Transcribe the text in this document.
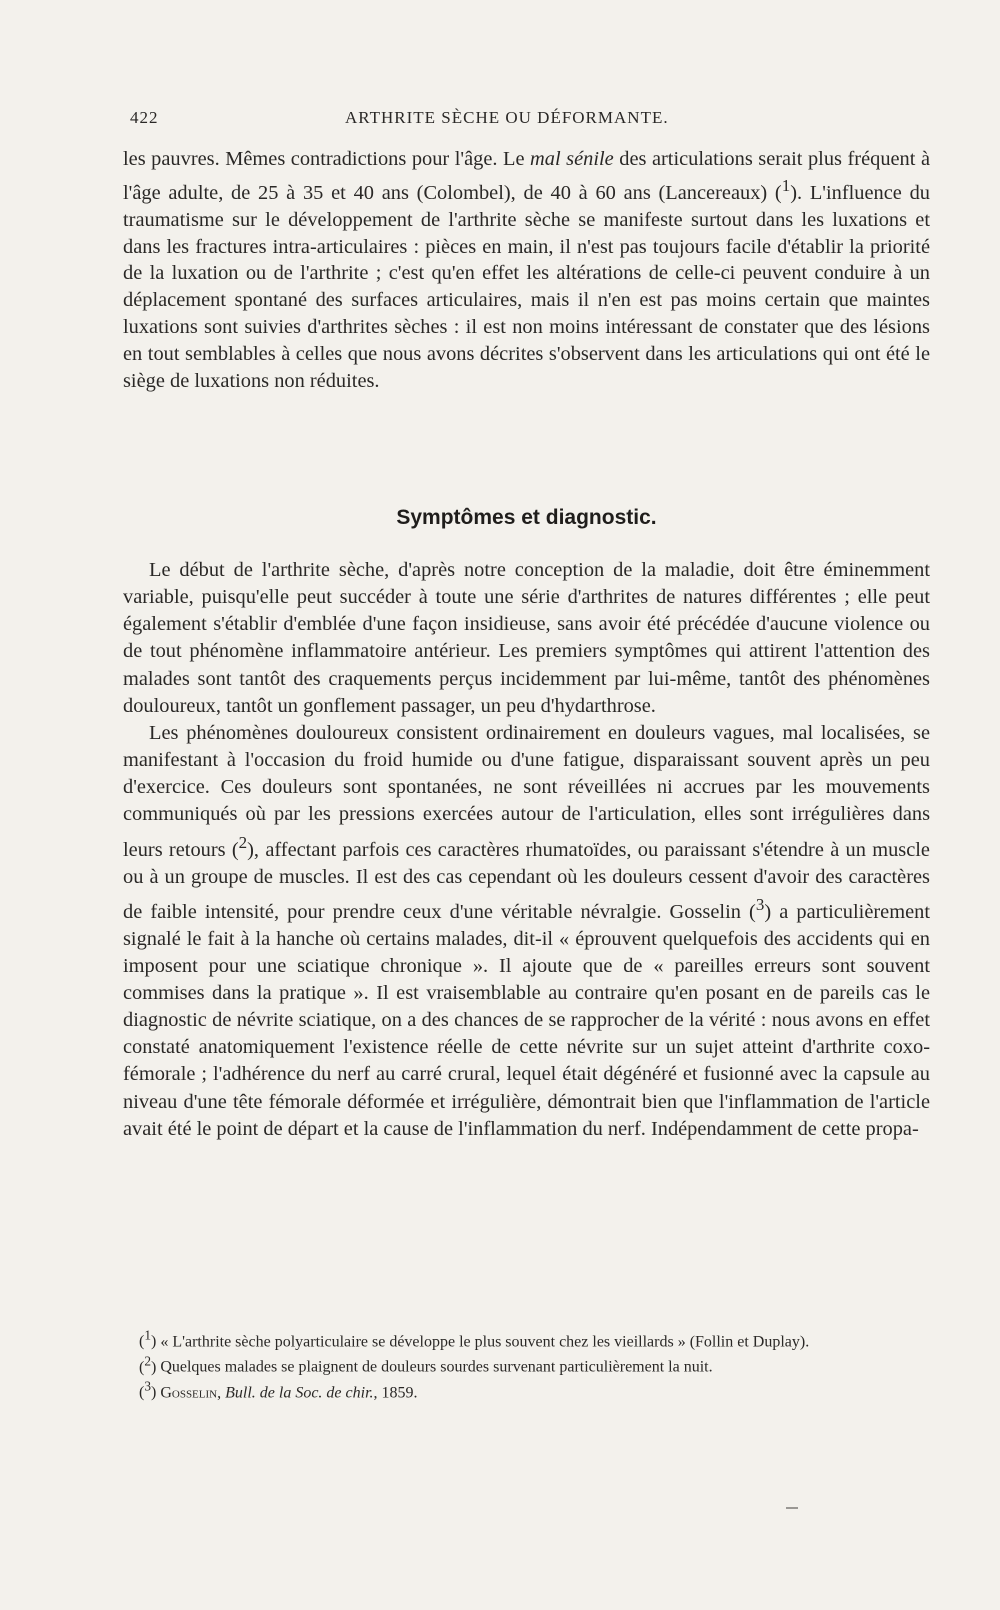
422	ARTHRITE SÈCHE OU DÉFORMANTE.

les pauvres. Mêmes contradictions pour l'âge. Le mal sénile des articulations serait plus fréquent à l'âge adulte, de 25 à 35 et 40 ans (Colombel), de 40 à 60 ans (Lancereaux) ($^1$). L'influence du traumatisme sur le développement de l'arthrite sèche se manifeste surtout dans les luxations et dans les fractures intra-articulaires : pièces en main, il n'est pas toujours facile d'établir la priorité de la luxation ou de l'arthrite ; c'est qu'en effet les altérations de celle-ci peuvent conduire à un déplacement spontané des surfaces articulaires, mais il n'en est pas moins certain que maintes luxations sont suivies d'arthrites sèches : il est non moins intéressant de constater que des lésions en tout semblables à celles que nous avons décrites s'observent dans les articulations qui ont été le siège de luxations non réduites.

Symptômes et diagnostic.

Le début de l'arthrite sèche, d'après notre conception de la maladie, doit être éminemment variable, puisqu'elle peut succéder à toute une série d'arthrites de natures différentes ; elle peut également s'établir d'emblée d'une façon insidieuse, sans avoir été précédée d'aucune violence ou de tout phénomène inflammatoire antérieur. Les premiers symptômes qui attirent l'attention des malades sont tantôt des craquements perçus incidemment par lui-même, tantôt des phénomènes douloureux, tantôt un gonflement passager, un peu d'hydarthrose.

Les phénomènes douloureux consistent ordinairement en douleurs vagues, mal localisées, se manifestant à l'occasion du froid humide ou d'une fatigue, disparaissant souvent après un peu d'exercice. Ces douleurs sont spontanées, ne sont réveillées ni accrues par les mouvements communiqués où par les pressions exercées autour de l'articulation, elles sont irrégulières dans leurs retours ($^2$), affectant parfois ces caractères rhumatoïdes, ou paraissant s'étendre à un muscle ou à un groupe de muscles. Il est des cas cependant où les douleurs cessent d'avoir des caractères de faible intensité, pour prendre ceux d'une véritable névralgie. Gosselin ($^3$) a particulièrement signalé le fait à la hanche où certains malades, dit-il « éprouvent quelquefois des accidents qui en imposent pour une sciatique chronique ». Il ajoute que de « pareilles erreurs sont souvent commises dans la pratique ». Il est vraisemblable au contraire qu'en posant en de pareils cas le diagnostic de névrite sciatique, on a des chances de se rapprocher de la vérité : nous avons en effet constaté anatomiquement l'existence réelle de cette névrite sur un sujet atteint d'arthrite coxo-fémorale ; l'adhérence du nerf au carré crural, lequel était dégénéré et fusionné avec la capsule au niveau d'une tête fémorale déformée et irrégulière, démontrait bien que l'inflammation de l'article avait été le point de départ et la cause de l'inflammation du nerf. Indépendamment de cette propa-

($^1$) « L'arthrite sèche polyarticulaire se développe le plus souvent chez les vieillards » (Follin et Duplay).

($^2$) Quelques malades se plaignent de douleurs sourdes survenant particulièrement la nuit.

($^3$) Gosselin, Bull. de la Soc. de chir., 1859.
